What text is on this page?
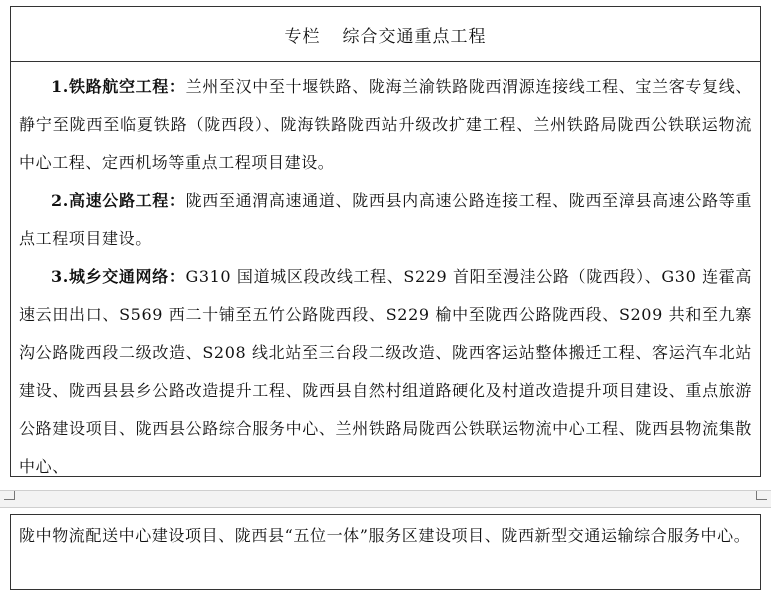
专栏 综合交通重点工程

1.铁路航空工程：兰州至汉中至十堰铁路、陇海兰渝铁路陇西渭源连接线工程、宝兰客专复线、静宁至陇西至临夏铁路（陇西段）、陇海铁路陇西站升级改扩建工程、兰州铁路局陇西公铁联运物流中心工程、定西机场等重点工程项目建设。

2.高速公路工程：陇西至通渭高速通道、陇西县内高速公路连接工程、陇西至漳县高速公路等重点工程项目建设。

3.城乡交通网络：G310 国道城区段改线工程、S229 首阳至漫洼公路（陇西段）、G30 连霍高速云田出口、S569 西二十铺至五竹公路陇西段、S229 榆中至陇西公路陇西段、S209 共和至九寨沟公路陇西段二级改造、S208 线北站至三台段二级改造、陇西客运站整体搬迁工程、客运汽车北站建设、陇西县县乡公路改造提升工程、陇西县自然村组道路硬化及村道改造提升项目建设、重点旅游公路建设项目、陇西县公路综合服务中心、兰州铁路局陇西公铁联运物流中心工程、陇西县物流集散中心、

陇中物流配送中心建设项目、陇西县“五位一体”服务区建设项目、陇西新型交通运输综合服务中心。
